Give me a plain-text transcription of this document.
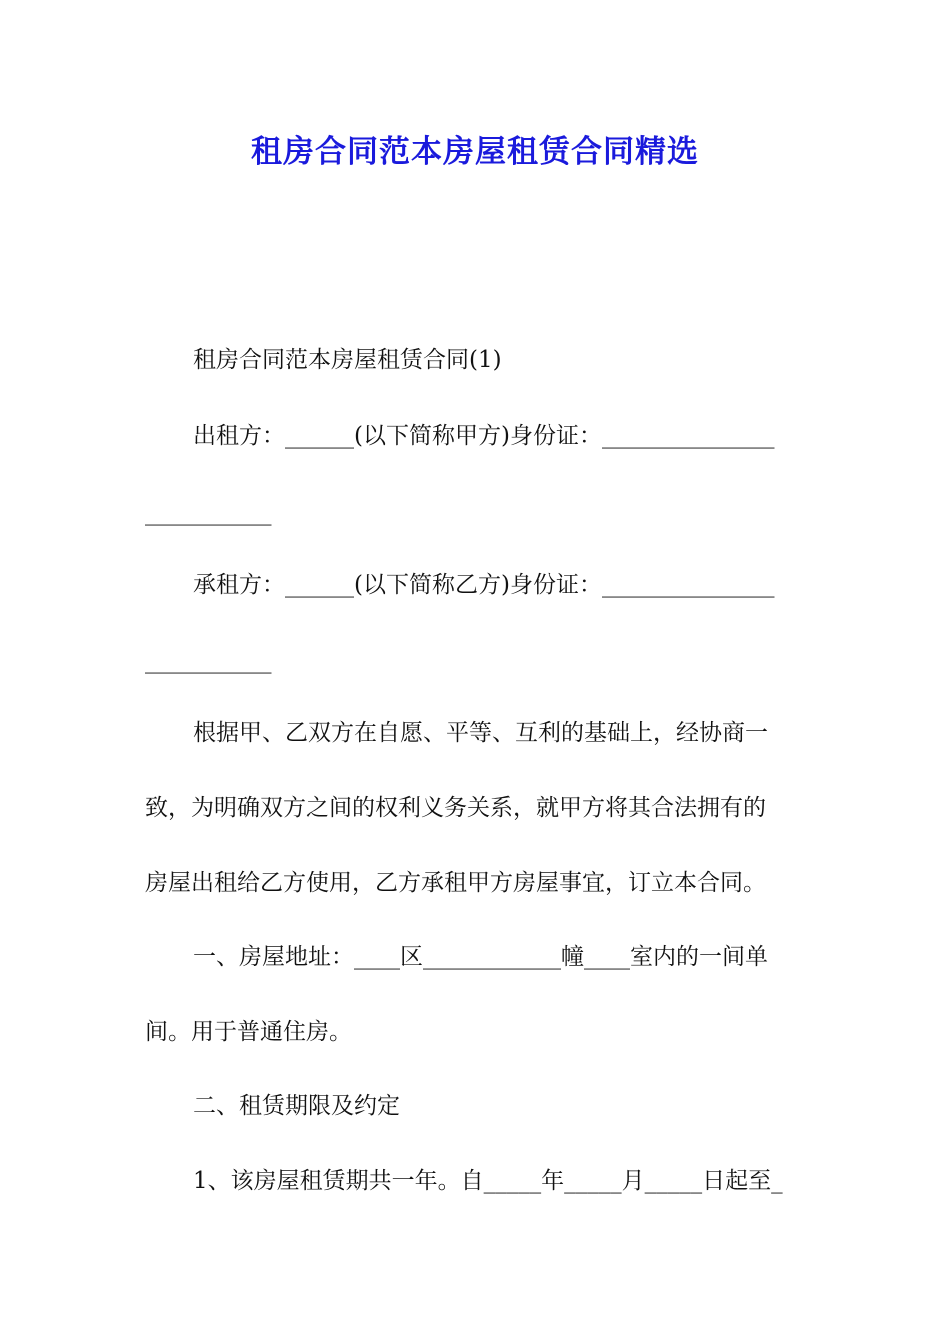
租房合同范本房屋租赁合同精选

租房合同范本房屋租赁合同(1)

出租方：______(以下简称甲方)身份证：_______________

___________

承租方：______(以下简称乙方)身份证：_______________

___________

根据甲、乙双方在自愿、平等、互利的基础上，经协商一

致，为明确双方之间的权利义务关系，就甲方将其合法拥有的

房屋出租给乙方使用，乙方承租甲方房屋事宜，订立本合同。

一、房屋地址：____区____________幢____室内的一间单

间。用于普通住房。

二、租赁期限及约定

1、该房屋租赁期共一年。自_____年_____月_____日起至_
